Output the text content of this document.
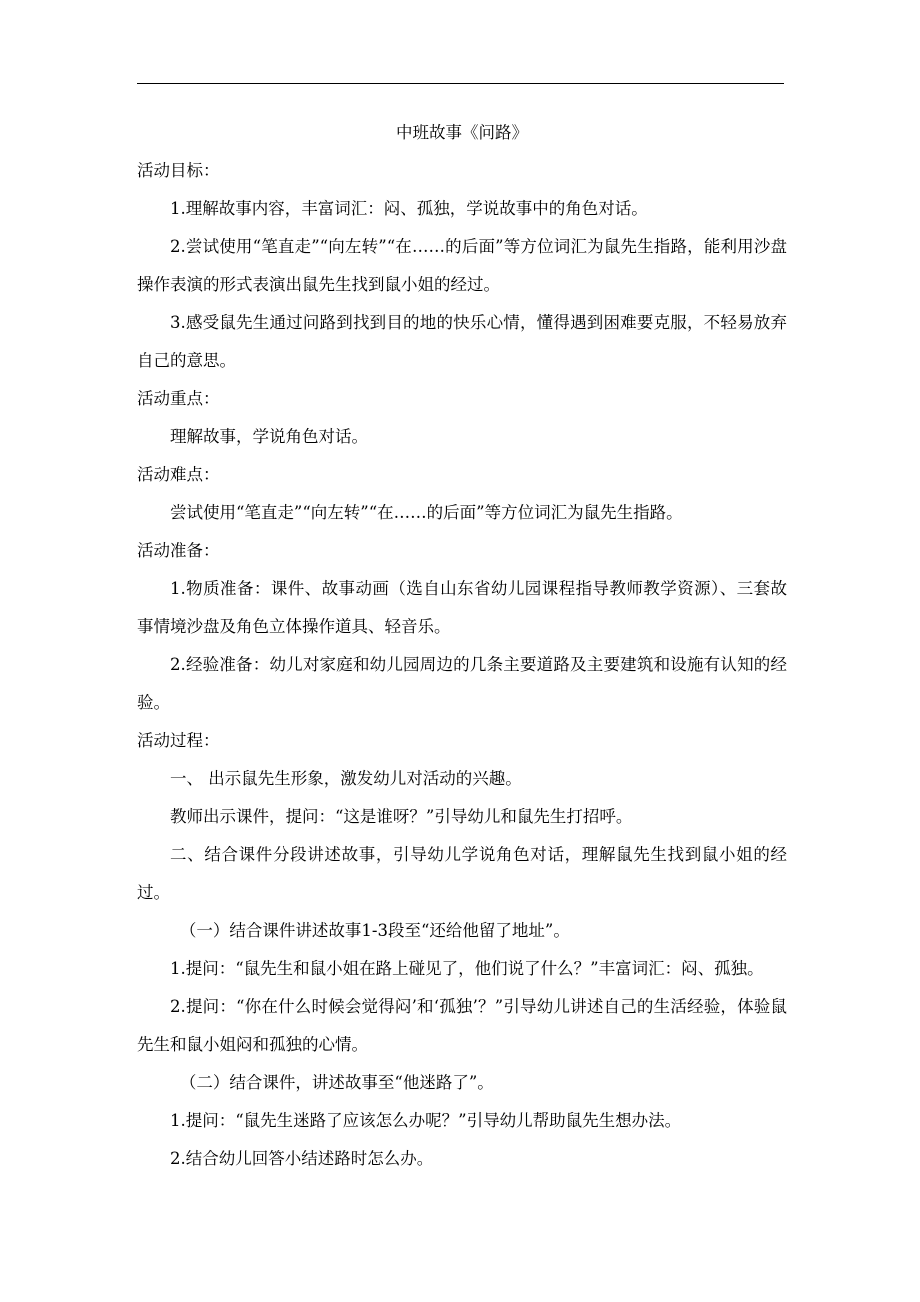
中班故事《问路》

活动目标：

1.理解故事内容，丰富词汇：闷、孤独，学说故事中的角色对话。

2.尝试使用“笔直走”“向左转”“在……的后面”等方位词汇为鼠先生指路，能利用沙盘操作表演的形式表演出鼠先生找到鼠小姐的经过。

3.感受鼠先生通过问路到找到目的地的快乐心情，懂得遇到困难要克服，不轻易放弃自己的意思。

活动重点：

理解故事，学说角色对话。

活动难点：

尝试使用“笔直走”“向左转”“在……的后面”等方位词汇为鼠先生指路。

活动准备：

1.物质准备：课件、故事动画（选自山东省幼儿园课程指导教师教学资源）、三套故事情境沙盘及角色立体操作道具、轻音乐。

2.经验准备：幼儿对家庭和幼儿园周边的几条主要道路及主要建筑和设施有认知的经验。

活动过程：

一、 出示鼠先生形象，激发幼儿对活动的兴趣。

教师出示课件，提问：“这是谁呀？”引导幼儿和鼠先生打招呼。

二、结合课件分段讲述故事，引导幼儿学说角色对话，理解鼠先生找到鼠小姐的经过。

（一）结合课件讲述故事1-3段至“还给他留了地址”。

1.提问：“鼠先生和鼠小姐在路上碰见了，他们说了什么？”丰富词汇：闷、孤独。

2.提问：“你在什么时候会觉得闷’和‘孤独’？”引导幼儿讲述自己的生活经验，体验鼠先生和鼠小姐闷和孤独的心情。

（二）结合课件，讲述故事至“他迷路了”。

1.提问：“鼠先生迷路了应该怎么办呢？”引导幼儿帮助鼠先生想办法。

2.结合幼儿回答小结述路时怎么办。
